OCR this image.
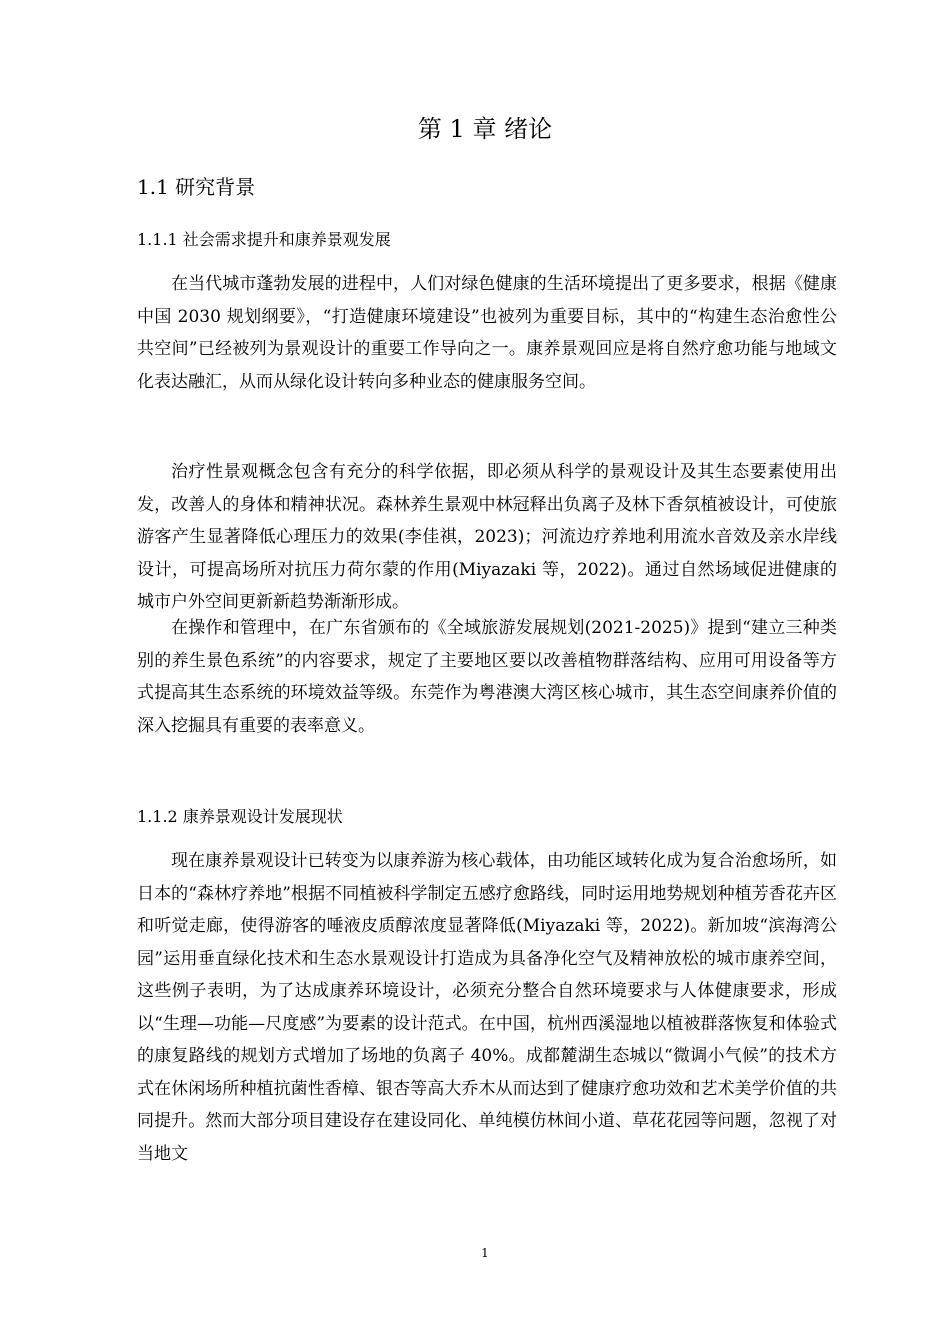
第 1 章 绪论
1.1 研究背景
1.1.1 社会需求提升和康养景观发展

在当代城市蓬勃发展的进程中，人们对绿色健康的生活环境提出了更多要求，根据《健康中国 2030 规划纲要》，“打造健康环境建设”也被列为重要目标，其中的“构建生态治愈性公共空间”已经被列为景观设计的重要工作导向之一。康养景观回应是将自然疗愈功能与地域文化表达融汇，从而从绿化设计转向多种业态的健康服务空间。

治疗性景观概念包含有充分的科学依据，即必须从科学的景观设计及其生态要素使用出发，改善人的身体和精神状况。森林养生景观中林冠释出负离子及林下香氛植被设计，可使旅游客产生显著降低心理压力的效果(李佳祺，2023)；河流边疗养地利用流水音效及亲水岸线设计，可提高场所对抗压力荷尔蒙的作用(Miyazaki 等，2022)。通过自然场域促进健康的城市户外空间更新新趋势渐渐形成。

在操作和管理中，在广东省颁布的《全域旅游发展规划(2021-2025)》提到“建立三种类别的养生景色系统”的内容要求，规定了主要地区要以改善植物群落结构、应用可用设备等方式提高其生态系统的环境效益等级。东莞作为粤港澳大湾区核心城市，其生态空间康养价值的深入挖掘具有重要的表率意义。

1.1.2 康养景观设计发展现状

现在康养景观设计已转变为以康养游为核心载体，由功能区域转化成为复合治愈场所，如日本的“森林疗养地”根据不同植被科学制定五感疗愈路线，同时运用地势规划种植芳香花卉区和听觉走廊，使得游客的唾液皮质醇浓度显著降低(Miyazaki 等，2022)。新加坡“滨海湾公园”运用垂直绿化技术和生态水景观设计打造成为具备净化空气及精神放松的城市康养空间，这些例子表明，为了达成康养环境设计，必须充分整合自然环境要求与人体健康要求，形成以“生理—功能—尺度感”为要素的设计范式。在中国，杭州西溪湿地以植被群落恢复和体验式的康复路线的规划方式增加了场地的负离子 40%。成都麓湖生态城以“微调小气候”的技术方式在休闲场所种植抗菌性香樟、银杏等高大乔木从而达到了健康疗愈功效和艺术美学价值的共同提升。然而大部分项目建设存在建设同化、单纯模仿林间小道、草花花园等问题，忽视了对当地文

1
